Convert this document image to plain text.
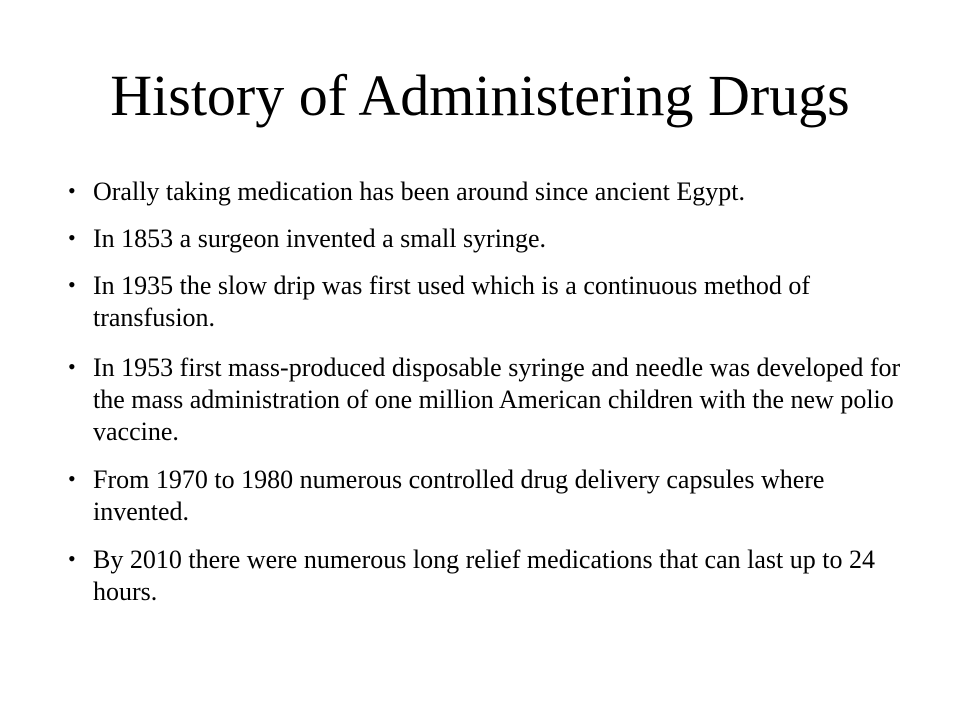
History of Administering Drugs
• Orally taking medication has been around since ancient Egypt.
• In 1853 a surgeon invented a small syringe.
• In 1935 the slow drip was first used which is a continuous method of transfusion.
• In 1953 first mass-produced disposable syringe and needle was developed for the mass administration of one million American children with the new polio vaccine.
• From 1970 to 1980 numerous controlled drug delivery capsules where invented.
• By 2010 there were numerous long relief medications that can last up to 24 hours.
